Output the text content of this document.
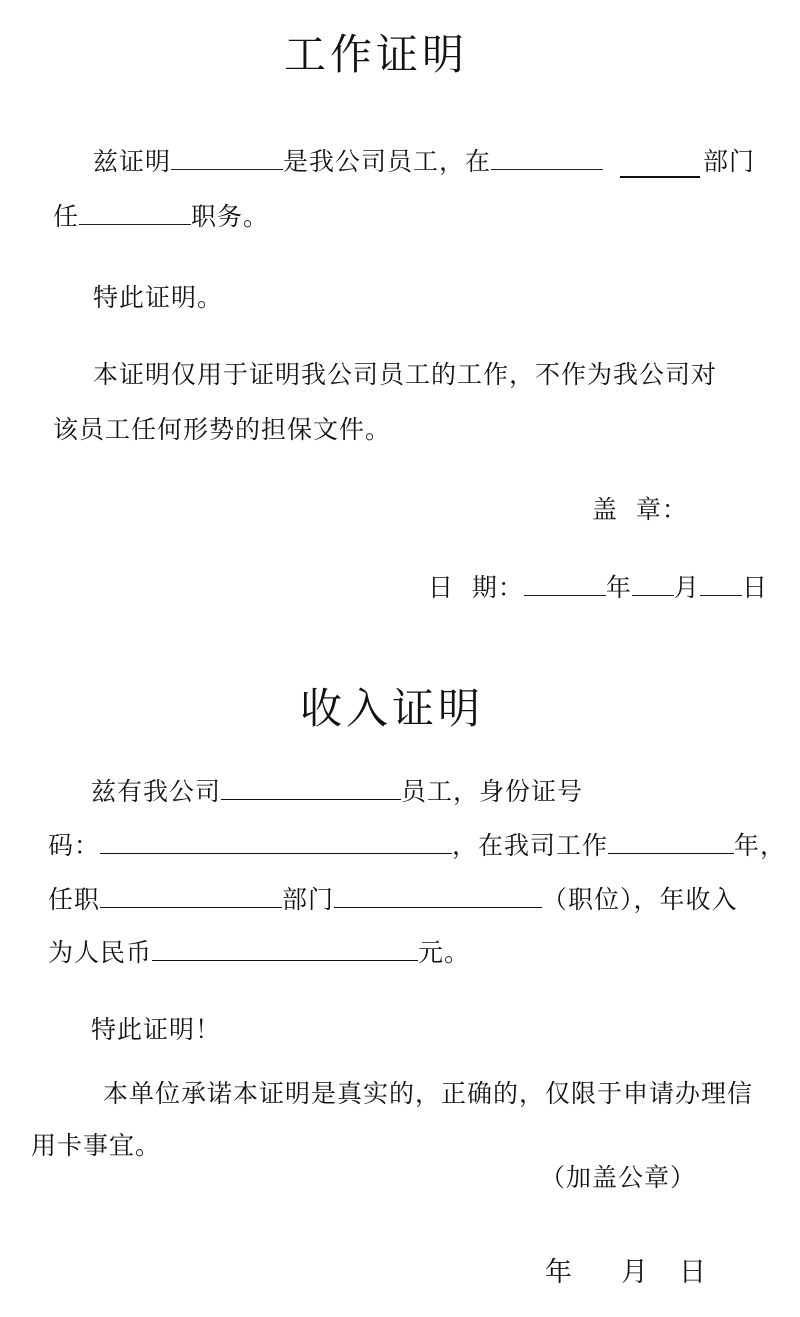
工作证明
兹证明	是我公司员工，在	部门
任	职务。
特此证明。
本证明仅用于证明我公司员工的工作，不作为我公司对
该员工任何形势的担保文件。
盖  章：
日  期：	年 月 日
收入证明
兹有我公司	员工，身份证号
码：	，在我司工作	年，
任职	部门	（职位），年收入
为人民币	元。
特此证明！
本单位承诺本证明是真实的，正确的，仅限于申请办理信
用卡事宜。
（加盖公章）
年 月 日
